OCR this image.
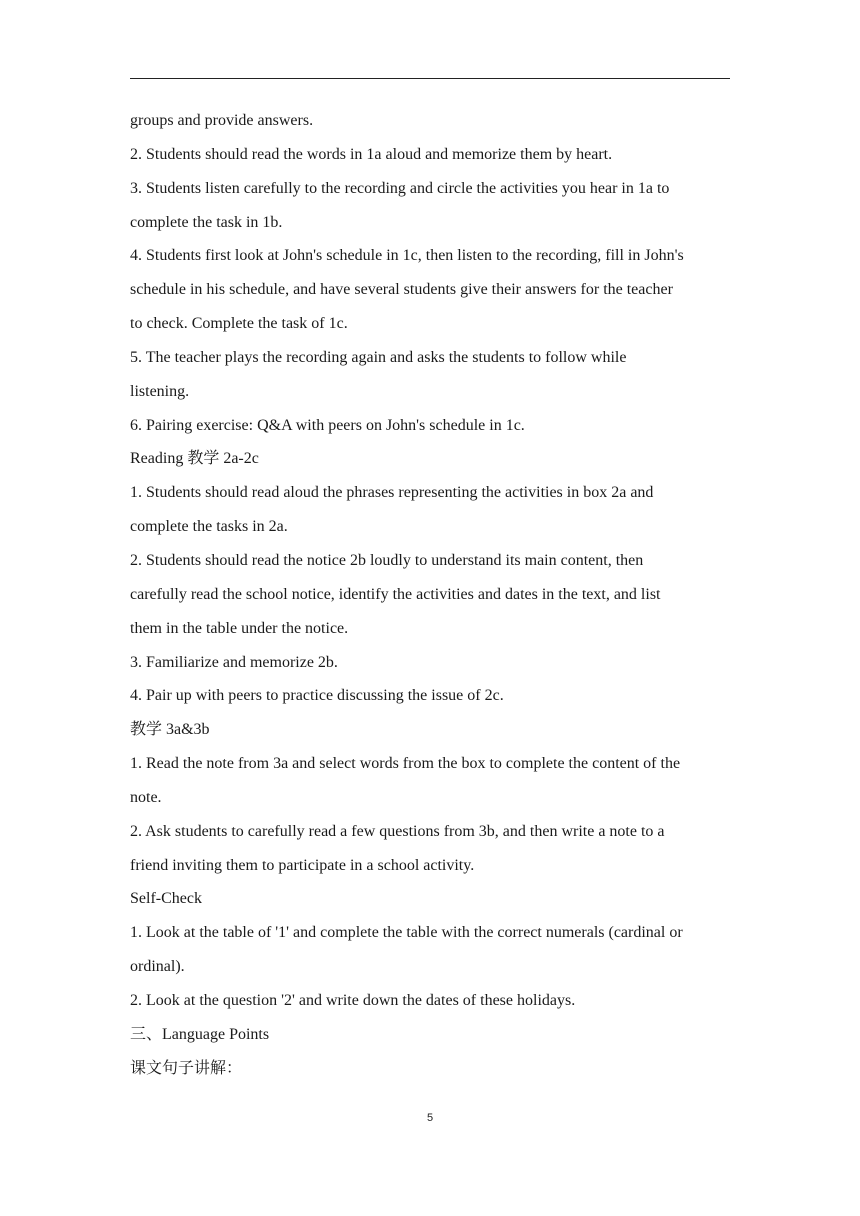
groups and provide answers.
2. Students should read the words in 1a aloud and memorize them by heart.
3. Students listen carefully to the recording and circle the activities you hear in 1a to
complete the task in 1b.
4. Students first look at John's schedule in 1c, then listen to the recording, fill in John's
schedule in his schedule, and have several students give their answers for the teacher
to check. Complete the task of 1c.
5. The teacher plays the recording again and asks the students to follow while
listening.
6. Pairing exercise: Q&A with peers on John's schedule in 1c.
Reading 教学 2a-2c
1. Students should read aloud the phrases representing the activities in box 2a and
complete the tasks in 2a.
2. Students should read the notice 2b loudly to understand its main content, then
carefully read the school notice, identify the activities and dates in the text, and list
them in the table under the notice.
3. Familiarize and memorize 2b.
4. Pair up with peers to practice discussing the issue of 2c.
教学 3a&3b
1. Read the note from 3a and select words from the box to complete the content of the
note.
2. Ask students to carefully read a few questions from 3b, and then write a note to a
friend inviting them to participate in a school activity.
Self-Check
1. Look at the table of '1' and complete the table with the correct numerals (cardinal or
ordinal).
2. Look at the question '2' and write down the dates of these holidays.
三、Language Points
课文句子讲解：
5
